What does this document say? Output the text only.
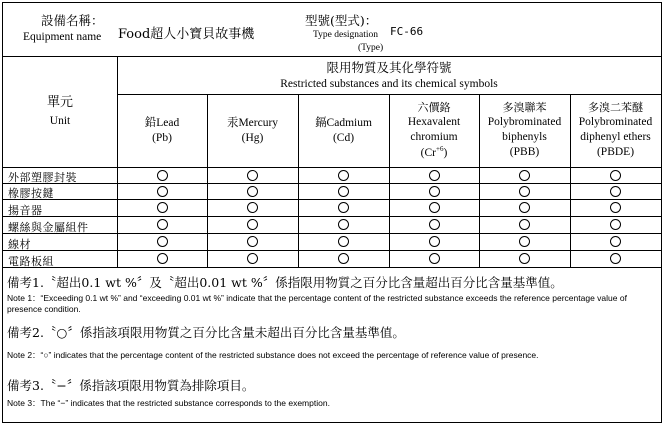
設備名稱：
Equipment name Food超人小寶貝故事機
型號(型式)：
Type designation
(Type)
FC-66
單元
Unit
限用物質及其化學符號
Restricted substances and its chemical symbols
鉛Lead
(Pb)
汞Mercury
(Hg)
鎘Cadmium
(Cd)
六價鉻
Hexavalent
chromium
$(Cr^{+6})$
多溴聯苯
Polybrominated
biphenyls
(PBB)
多溴二苯醚
Polybrominated
diphenyl ethers
(PBDE)
外部塑膠封裝
橡膠按鍵
揚音器
螺絲與金屬組件
線材
電路板組
備考1.〝超出0.1 wt %〞及〝超出0.01 wt %〞係指限用物質之百分比含量超出百分比含量基準值。
Note 1：“Exceeding 0.1 wt %” and “exceeding 0.01 wt %” indicate that the percentage content of the restricted substance exceeds the reference percentage value of presence condition.
備考2.〝○〞係指該項限用物質之百分比含量未超出百分比含量基準值。
Note 2：“○” indicates that the percentage content of the restricted substance does not exceed the percentage of reference value of presence.
備考3.〝−〞係指該項限用物質為排除項目。
Note 3：The “−” indicates that the restricted substance corresponds to the exemption.
